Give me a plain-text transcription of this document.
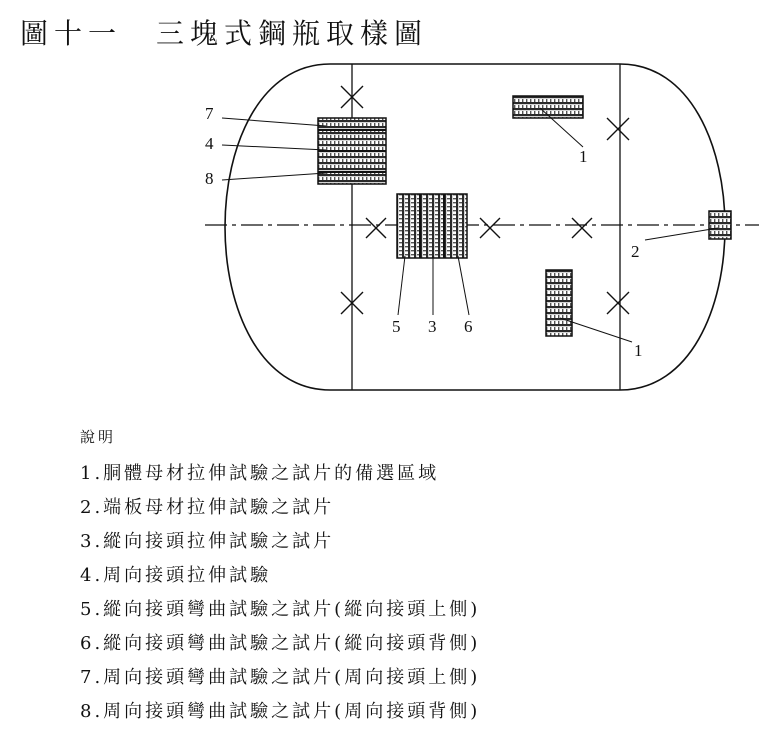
圖十一 三塊式鋼瓶取樣圖
7
4
8
1
2
5 3 6
1
說明
1.胴體母材拉伸試驗之試片的備選區域
2.端板母材拉伸試驗之試片
3.縱向接頭拉伸試驗之試片
4.周向接頭拉伸試驗
5.縱向接頭彎曲試驗之試片(縱向接頭上側)
6.縱向接頭彎曲試驗之試片(縱向接頭背側)
7.周向接頭彎曲試驗之試片(周向接頭上側)
8.周向接頭彎曲試驗之試片(周向接頭背側)
